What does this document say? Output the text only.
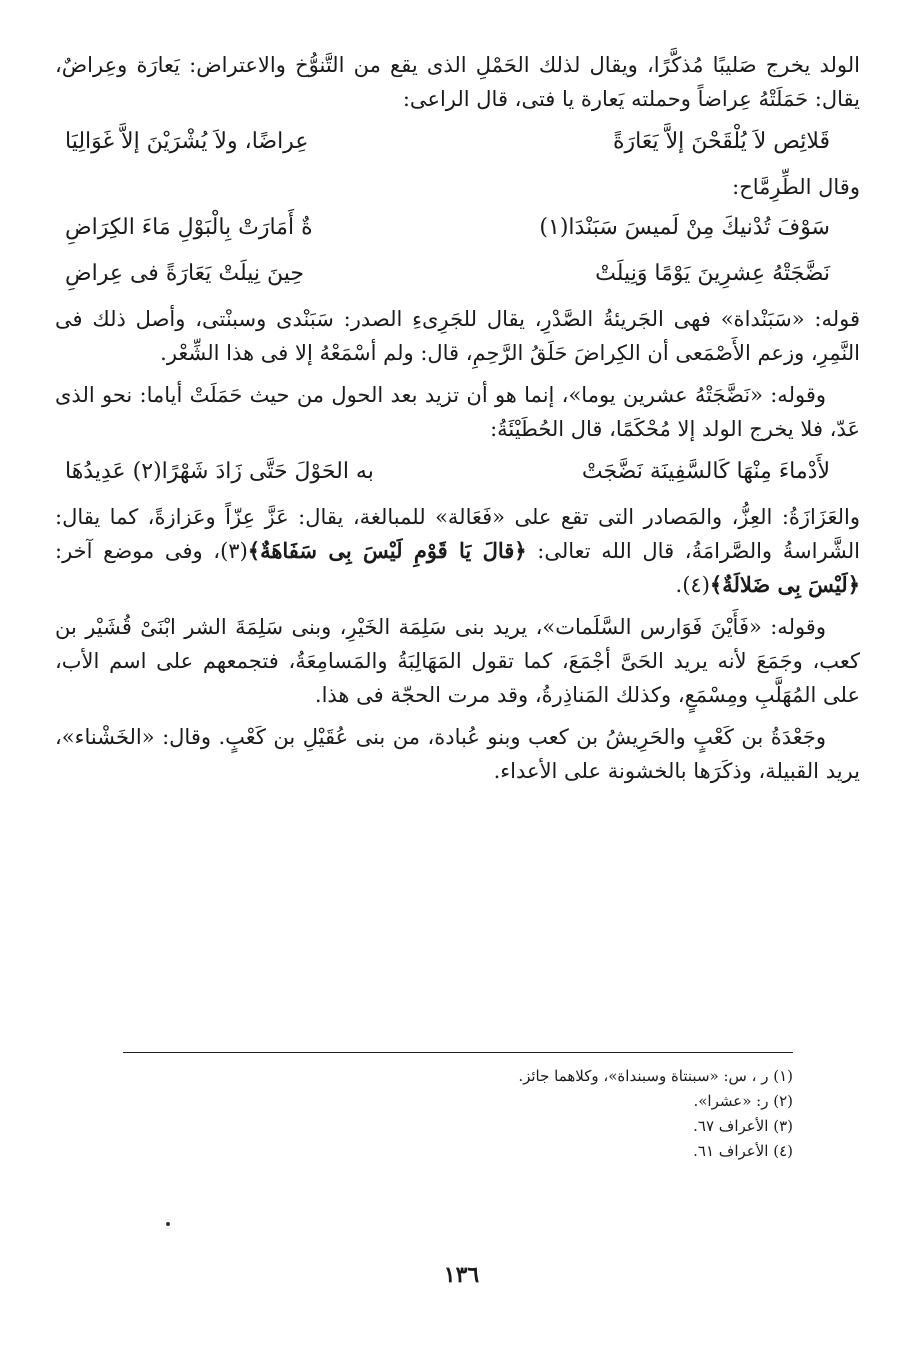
الولد يخرج صَليبًا مُذكَّرًا، ويقال لذلك الحَمْلِ الذى يقع من التَّنوُّخ والاعتراض: يَعارَة وعِراضٌ، يقال: حَمَلَتْهُ عِراضاً وحملته يَعارة يا فتى، قال الراعى:

قَلائِص لاَ يُلْقَحْنَ إلاَّ يَعَارَةً
عِراضًا، ولاَ يُشْرَيْنَ إلاَّ غَوَالِيَا

وقال الطِّرِمَّاح:

سَوْفَ تُدْنيكَ مِنْ لَميسَ سَبَنْدَا(١)
ةٌ أَمَارَتْ بِالْبَوْلِ مَاءَ الكِرَاضِ
نَضَّجَتْهُ عِشرِينَ يَوْمًا وَنِيلَتْ
حِينَ نِيلَتْ يَعَارَةً فى عِراضِ

قوله: «سَبَنْداة» فهى الجَريئةُ الصَّدْرِ، يقال للجَرِىءِ الصدر: سَبَنْدى وسبنْتى، وأصل ذلك فى النَّمِرِ، وزعم الأَصْمَعى أن الكِراضَ حَلَقُ الرَّحِمِ، قال: ولم أسْمَعْهُ إلا فى هذا الشِّعْر.

وقوله: «نَضَّجَتْهُ عشرين يوما»، إنما هو أن تزيد بعد الحول من حيث حَمَلَتْ أياما: نحو الذى عَدّ، فلا يخرج الولد إلا مُحْكَمًا، قال الحُطَيْئَةُ:

لأَدْماءَ مِنْهَا كَالسَّفِينَة نَضَّجَتْ
به الحَوْلَ حَتَّى زَادَ شَهْرًا(٢) عَدِيدُهَا

والعَزَازَةُ: العِزُّ، والمَصادر التى تقع على «فَعَالة» للمبالغة، يقال: عَزَّ عِزّاً وعَزازةً، كما يقال: الشَّراسةُ والصَّرامَةُ، قال الله تعالى: ﴿قالَ يَا قَوْمِ لَيْسَ بِى سَفَاهَةٌ﴾(٣)، وفى موضع آخر: ﴿لَيْسَ بِى ضَلالَةٌ﴾(٤).

وقوله: «فَأَيْنَ فَوَارس السَّلَمات»، يريد بنى سَلِمَة الخَيْرِ، وبنى سَلِمَةَ الشر ابْنَىْ قُشَيْر بن كعب، وجَمَعَ لأنه يريد الحَىَّ أجْمَعَ، كما تقول المَهَالِبَةُ والمَسامِعَةُ، فتجمعهم على اسم الأب، على المُهَلَّبِ ومِسْمَعٍ، وكذلك المَناذِرةُ، وقد مرت الحجّة فى هذا.

وجَعْدَةُ بن كَعْبٍ والحَرِيشُ بن كعب وبنو عُبادة، من بنى عُقَيْلِ بن كَعْبٍ. وقال: «الخَشْناء»، يريد القبيلة، وذكَرَها بالخشونة على الأعداء.

(١) ر ، س: «سبنتاة وسبنداة»، وكلاهما جائز.

(٢) ر: «عشرا».

(٣) الأعراف ٦٧.

(٤) الأعراف ٦١.

١٣٦
